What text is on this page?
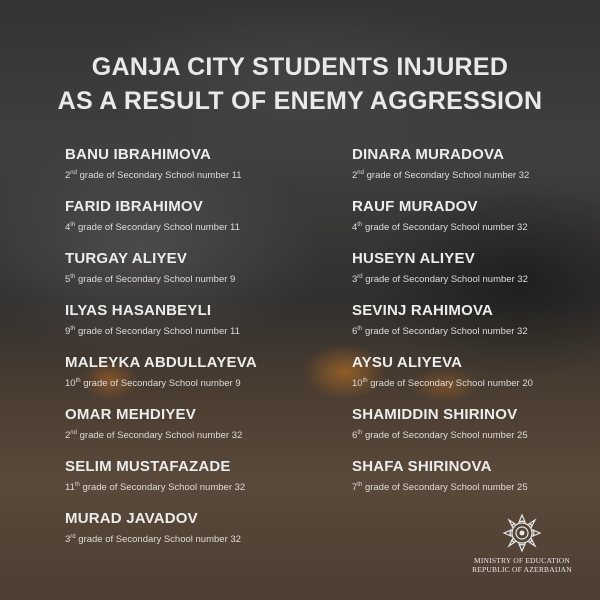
GANJA CITY STUDENTS INJURED
AS A RESULT OF ENEMY AGGRESSION
BANU IBRAHIMOVA
2nd grade of Secondary School number 11
FARID IBRAHIMOV
4th grade of Secondary School number 11
TURGAY ALIYEV
5th grade of Secondary School number 9
ILYAS HASANBEYLI
9th grade of Secondary School number 11
MALEYKA ABDULLAYEVA
10th grade of Secondary School number 9
OMAR MEHDIYEV
2nd grade of Secondary School number 32
SELIM MUSTAFAZADE
11th grade of Secondary School number 32
MURAD JAVADOV
3rd grade of Secondary School number 32
DINARA MURADOVA
2nd grade of Secondary School number 32
RAUF MURADOV
4th grade of Secondary School number 32
HUSEYN ALIYEV
3rd grade of Secondary School number 32
SEVINJ RAHIMOVA
6th grade of Secondary School number 32
AYSU ALIYEVA
10th grade of Secondary School number 20
SHAMIDDIN SHIRINOV
6th grade of Secondary School number 25
SHAFA SHIRINOVA
7th grade of Secondary School number 25
MINISTRY OF EDUCATION
REPUBLIC OF AZERBAIJAN
